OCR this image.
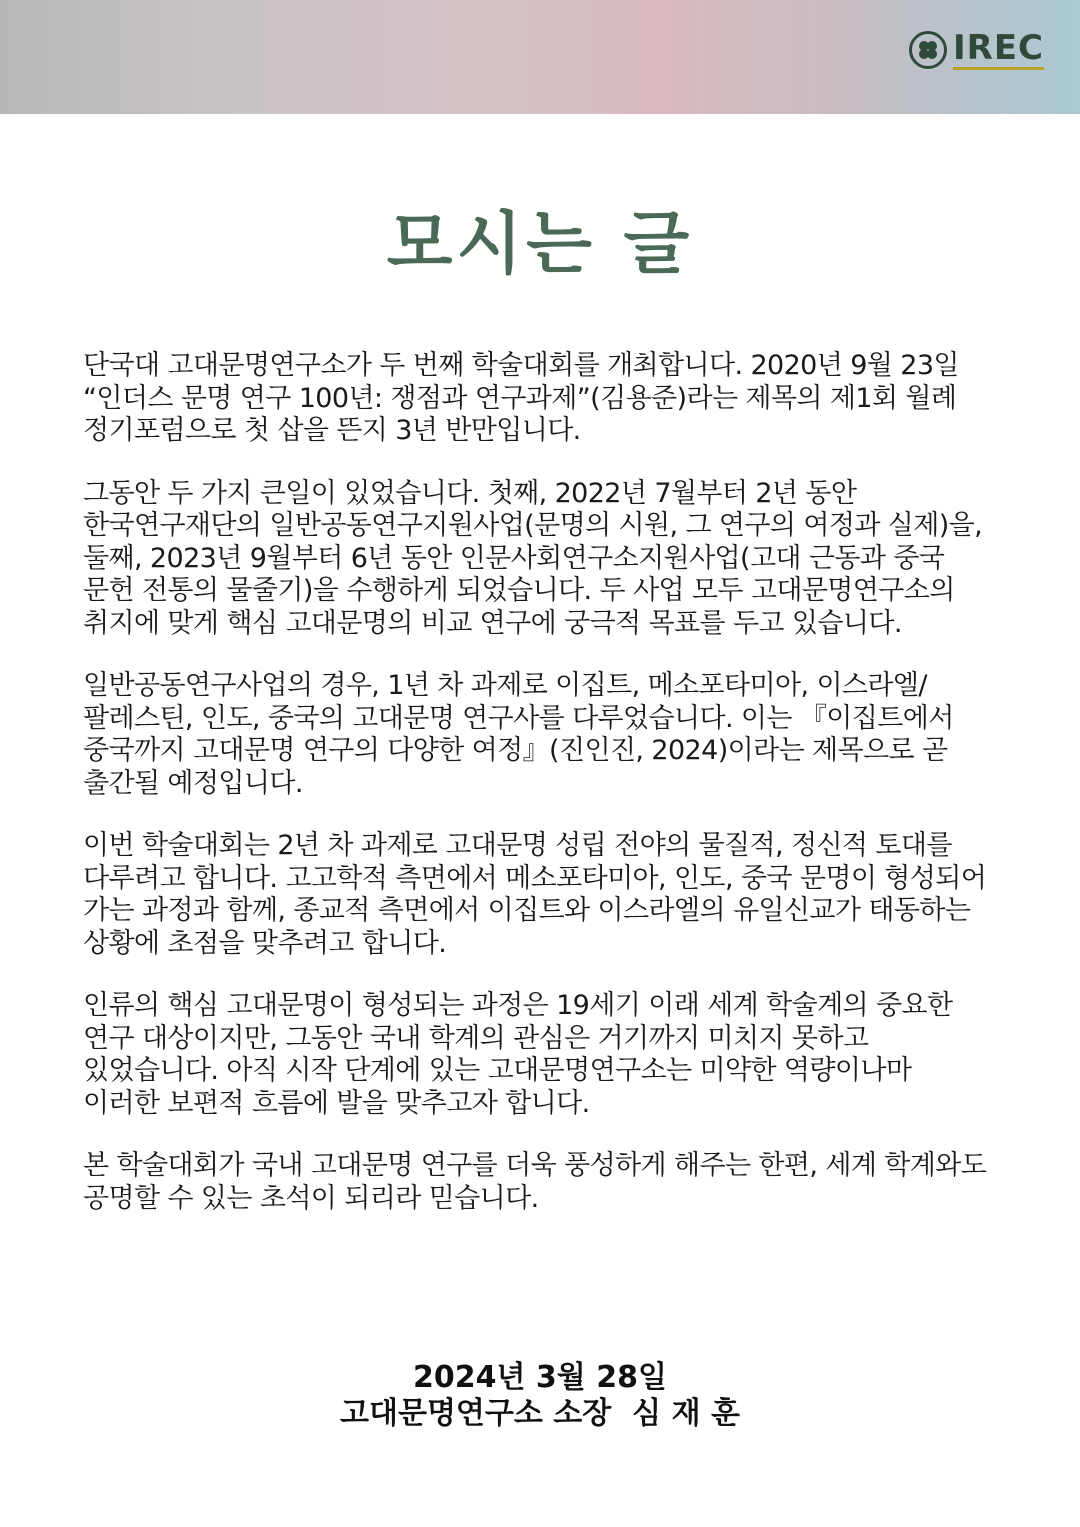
IREC
모시는 글

단국대 고대문명연구소가 두 번째 학술대회를 개최합니다. 2020년 9월 23일 “인더스 문명 연구 100년: 쟁점과 연구과제”(김용준)라는 제목의 제1회 월례 정기포럼으로 첫 삽을 뜬지 3년 반만입니다.

그동안 두 가지 큰일이 있었습니다. 첫째, 2022년 7월부터 2년 동안 한국연구재단의 일반공동연구지원사업(문명의 시원, 그 연구의 여정과 실제)을, 둘째, 2023년 9월부터 6년 동안 인문사회연구소지원사업(고대 근동과 중국 문헌 전통의 물줄기)을 수행하게 되었습니다. 두 사업 모두 고대문명연구소의 취지에 맞게 핵심 고대문명의 비교 연구에 궁극적 목표를 두고 있습니다.

일반공동연구사업의 경우, 1년 차 과제로 이집트, 메소포타미아, 이스라엘/팔레스틴, 인도, 중국의 고대문명 연구사를 다루었습니다. 이는 『이집트에서 중국까지 고대문명 연구의 다양한 여정』(진인진, 2024)이라는 제목으로 곧 출간될 예정입니다.

이번 학술대회는 2년 차 과제로 고대문명 성립 전야의 물질적, 정신적 토대를 다루려고 합니다. 고고학적 측면에서 메소포타미아, 인도, 중국 문명이 형성되어 가는 과정과 함께, 종교적 측면에서 이집트와 이스라엘의 유일신교가 태동하는 상황에 초점을 맞추려고 합니다.

인류의 핵심 고대문명이 형성되는 과정은 19세기 이래 세계 학술계의 중요한 연구 대상이지만, 그동안 국내 학계의 관심은 거기까지 미치지 못하고 있었습니다. 아직 시작 단계에 있는 고대문명연구소는 미약한 역량이나마 이러한 보편적 흐름에 발을 맞추고자 합니다.

본 학술대회가 국내 고대문명 연구를 더욱 풍성하게 해주는 한편, 세계 학계와도 공명할 수 있는 초석이 되리라 믿습니다.

2024년 3월 28일
고대문명연구소 소장  심 재 훈
